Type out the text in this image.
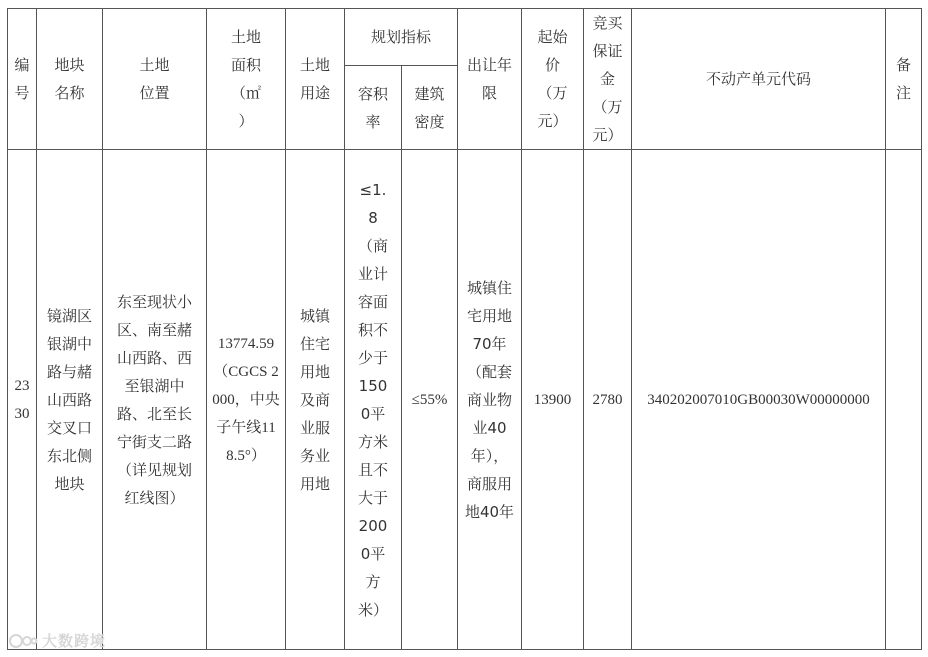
编号	地块名称	土地位置	土地面积（㎡）	土地用途	规划指标		出让年限	起始价（万元）	竞买保证金（万元）	不动产单元代码	备注

					容积率	建筑密度					

2330	镜湖区银湖中路与赭山西路交叉口东北侧地块	东至现状小区、南至赭山西路、西至银湖中路、北至长宁街支二路（详见规划红线图）	13774.59（CGCS 2000，中央子午线118.5°）	城镇住宅用地及商业服务业用地	≤1.8（商业计容面积不少于1500平方米且不大于2000平方米）	≤55%	城镇住宅用地70年（配套商业物业40年），商服用地40年	13900	2780	340202007010GB00030W00000000	
大数跨境
